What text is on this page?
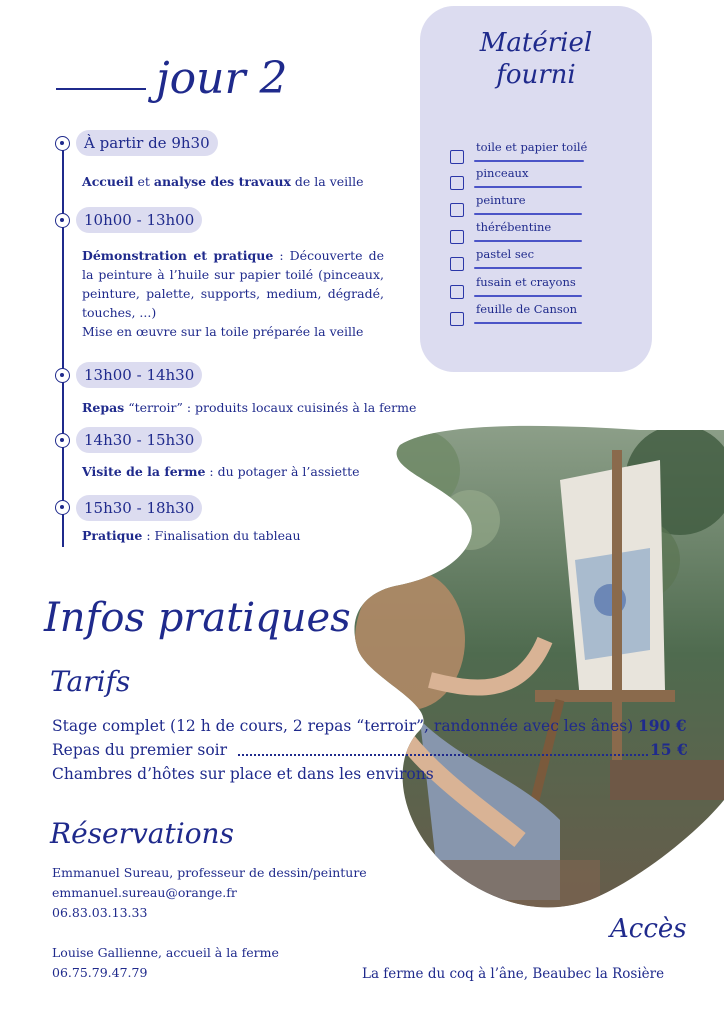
Matériel
fourni
toile et papier toilé
pinceaux
peinture
thérébentine
pastel sec
fusain et crayons
feuille de Canson
jour 2
À partir de 9h30
Accueil et analyse des travaux de la veille
10h00 - 13h00
Démonstration et pratique : Découverte de la peinture à l’huile sur papier toilé (pinceaux, peinture, palette, supports, medium, dégradé, touches, ...)
Mise en œuvre sur la toile préparée la veille
13h00 - 14h30
Repas “terroir” : produits locaux cuisinés à la ferme
14h30 - 15h30
Visite de la ferme : du potager à l’assiette
15h30 - 18h30
Pratique : Finalisation du tableau
Infos pratiques
Tarifs
Stage complet (12 h de cours, 2 repas “terroir”, randonnée avec les ânes) 190 €
Repas du premier soir	15 €
Chambres d’hôtes sur place et dans les environs
Réservations
Emmanuel Sureau, professeur de dessin/peinture
emmanuel.sureau@orange.fr
06.83.03.13.33
Louise Gallienne, accueil à la ferme
06.75.79.47.79
Accès
La ferme du coq à l’âne, Beaubec la Rosière
